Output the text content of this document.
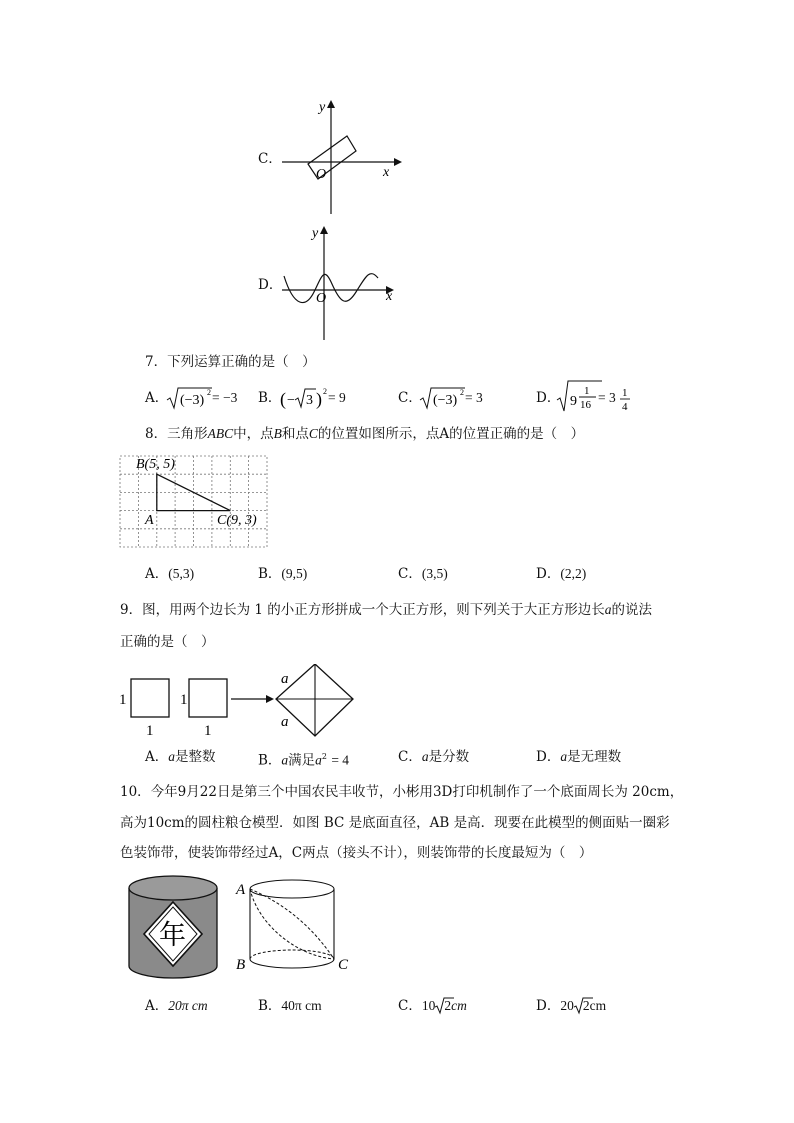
C．
y
x
O
D．
y
x
O
7．下列运算正确的是（　）
A． (−3)
2 = −3 B．
( − 3 ) 2 = 9	C． (−3)
2 = 3	D． 9
1
16 = 3 1
4
8．三角形ABC中，点B和点C的位置如图所示，点A的位置正确的是（　）
B(5, 5)
A	C(9, 3)
A．(5,3)	B．(9,5)	C．(3,5)	D．(2,2)
9．图，用两个边长为 1 的小正方形拼成一个大正方形，则下列关于大正方形边长a的说法
正确的是（　）
1
1
1
1
a
a
A．a是整数	B．a满足$a^2 = 4$	C．a是分数	D．a是无理数
10．今年9月22日是第三个中国农民丰收节，小彬用3D打印机制作了一个底面周长为 20cm，
高为10cm的圆柱粮仓模型．如图 BC 是底面直径，AB 是高．现要在此模型的侧面贴一圈彩
色装饰带，使装饰带经过A，C两点（接头不计），则装饰带的长度最短为（　）
年
A
B	C
A．20π cm	B．40π cm	C．10 2cm	D．20 2cm
